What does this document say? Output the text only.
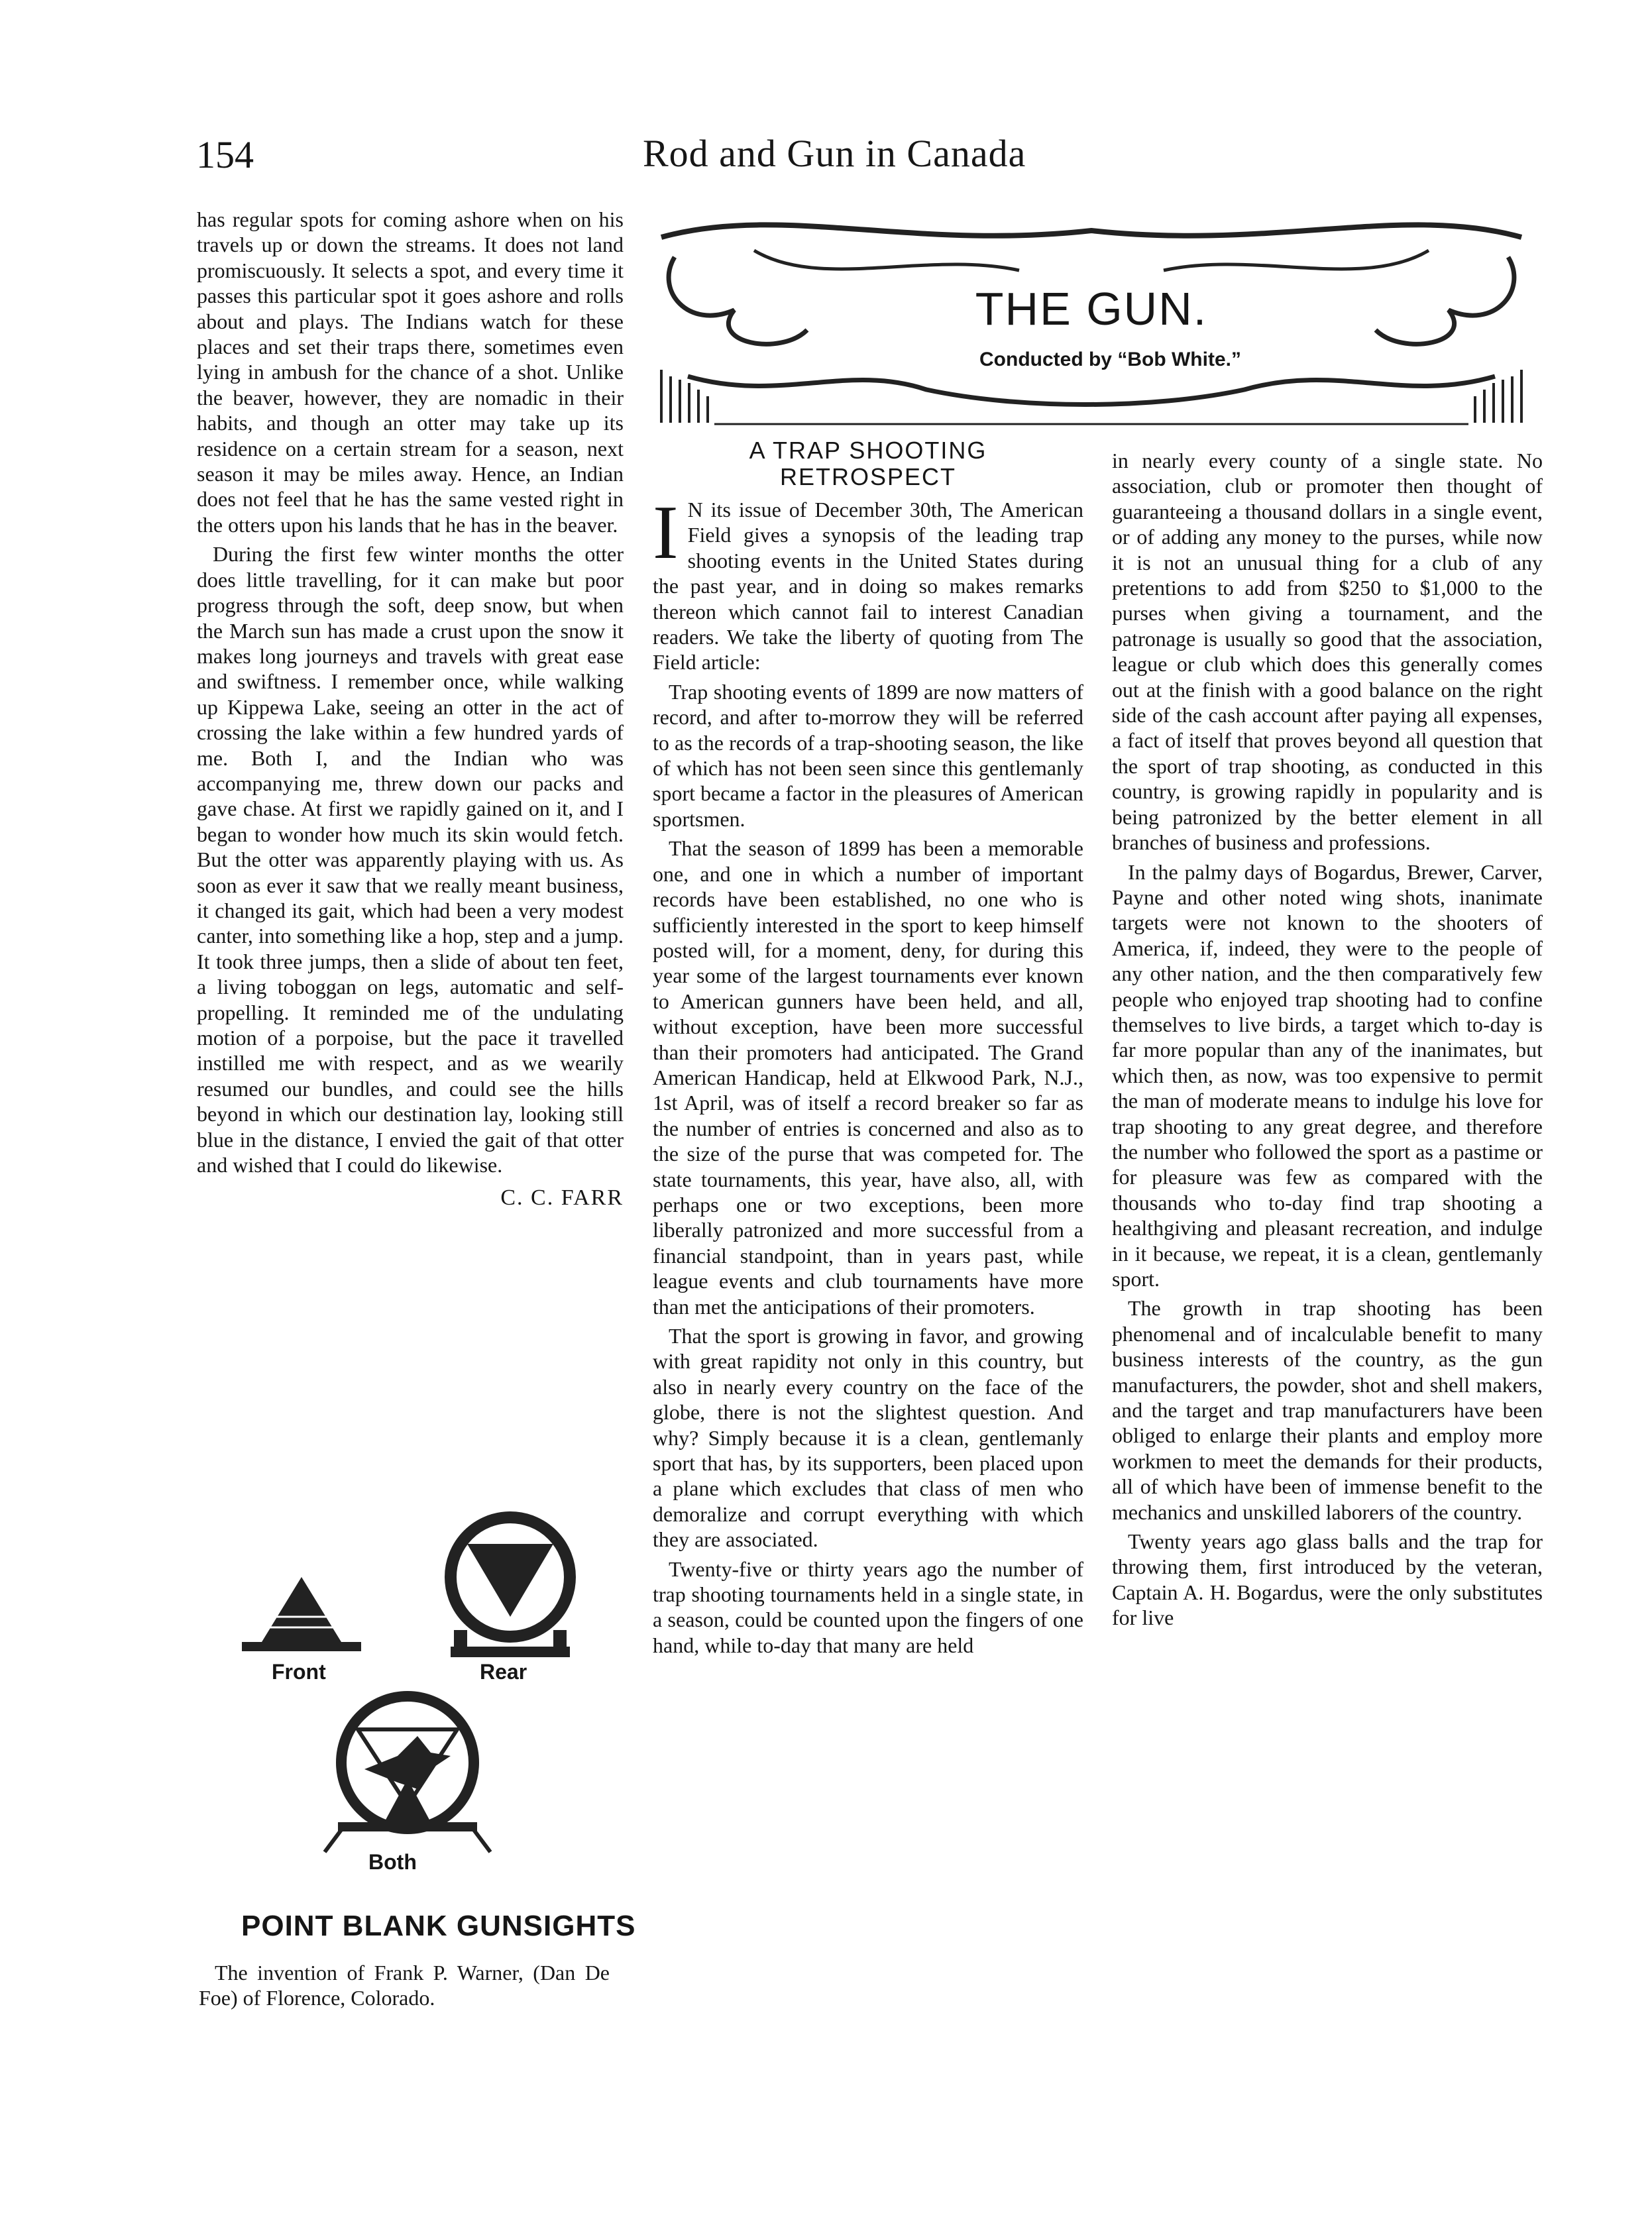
154	Rod and Gun in Canada

has regular spots for coming ashore when on his travels up or down the streams. It does not land promiscuously. It selects a spot, and every time it passes this particular spot it goes ashore and rolls about and plays. The Indians watch for these places and set their traps there, sometimes even lying in ambush for the chance of a shot. Unlike the beaver, however, they are nomadic in their habits, and though an otter may take up its residence on a certain stream for a season, next season it may be miles away. Hence, an Indian does not feel that he has the same vested right in the otters upon his lands that he has in the beaver.

During the first few winter months the otter does little travelling, for it can make but poor progress through the soft, deep snow, but when the March sun has made a crust upon the snow it makes long journeys and travels with great ease and swiftness. I remember once, while walking up Kippewa Lake, seeing an otter in the act of crossing the lake within a few hundred yards of me. Both I, and the Indian who was accompanying me, threw down our packs and gave chase. At first we rapidly gained on it, and I began to wonder how much its skin would fetch. But the otter was apparently playing with us. As soon as ever it saw that we really meant business, it changed its gait, which had been a very modest canter, into something like a hop, step and a jump. It took three jumps, then a slide of about ten feet, a living toboggan on legs, automatic and self-propelling. It reminded me of the undulating motion of a porpoise, but the pace it travelled instilled me with respect, and as we wearily resumed our bundles, and could see the hills beyond in which our destination lay, looking still blue in the distance, I envied the gait of that otter and wished that I could do likewise.

C. C. FARR
Front	Rear
Both
POINT BLANK GUNSIGHTS
The invention of Frank P. Warner, (Dan De Foe) of Florence, Colorado.
THE GUN.
Conducted by “Bob White.”
A TRAP SHOOTING
RETROSPECT

I N its issue of December 30th, The American Field gives a synopsis of the leading trap shooting events in the United States during the past year, and in doing so makes remarks thereon which cannot fail to interest Canadian readers. We take the liberty of quoting from The Field article:

Trap shooting events of 1899 are now matters of record, and after to-morrow they will be referred to as the records of a trap-shooting season, the like of which has not been seen since this gentlemanly sport became a factor in the pleasures of American sportsmen.

That the season of 1899 has been a memorable one, and one in which a number of important records have been established, no one who is sufficiently interested in the sport to keep himself posted will, for a moment, deny, for during this year some of the largest tournaments ever known to American gunners have been held, and all, without exception, have been more successful than their promoters had anticipated. The Grand American Handicap, held at Elkwood Park, N.J., 1st April, was of itself a record breaker so far as the number of entries is concerned and also as to the size of the purse that was competed for. The state tournaments, this year, have also, all, with perhaps one or two exceptions, been more liberally patronized and more successful from a financial standpoint, than in years past, while league events and club tournaments have more than met the anticipations of their promoters.

That the sport is growing in favor, and growing with great rapidity not only in this country, but also in nearly every country on the face of the globe, there is not the slightest question. And why? Simply because it is a clean, gentlemanly sport that has, by its supporters, been placed upon a plane which excludes that class of men who demoralize and corrupt everything with which they are associated.

Twenty-five or thirty years ago the number of trap shooting tournaments held in a single state, in a season, could be counted upon the fingers of one hand, while to-day that many are held

in nearly every county of a single state. No association, club or promoter then thought of guaranteeing a thousand dollars in a single event, or of adding any money to the purses, while now it is not an unusual thing for a club of any pretentions to add from $250 to $1,000 to the purses when giving a tournament, and the patronage is usually so good that the association, league or club which does this generally comes out at the finish with a good balance on the right side of the cash account after paying all expenses, a fact of itself that proves beyond all question that the sport of trap shooting, as conducted in this country, is growing rapidly in popularity and is being patronized by the better element in all branches of business and professions.

In the palmy days of Bogardus, Brewer, Carver, Payne and other noted wing shots, inanimate targets were not known to the shooters of America, if, indeed, they were to the people of any other nation, and the then comparatively few people who enjoyed trap shooting had to confine themselves to live birds, a target which to-day is far more popular than any of the inanimates, but which then, as now, was too expensive to permit the man of moderate means to indulge his love for trap shooting to any great degree, and therefore the number who followed the sport as a pastime or for pleasure was few as compared with the thousands who to-day find trap shooting a healthgiving and pleasant recreation, and indulge in it because, we repeat, it is a clean, gentlemanly sport.

The growth in trap shooting has been phenomenal and of incalculable benefit to many business interests of the country, as the gun manufacturers, the powder, shot and shell makers, and the target and trap manufacturers have been obliged to enlarge their plants and employ more workmen to meet the demands for their products, all of which have been of immense benefit to the mechanics and unskilled laborers of the country.

Twenty years ago glass balls and the trap for throwing them, first introduced by the veteran, Captain A. H. Bogardus, were the only substitutes for live
